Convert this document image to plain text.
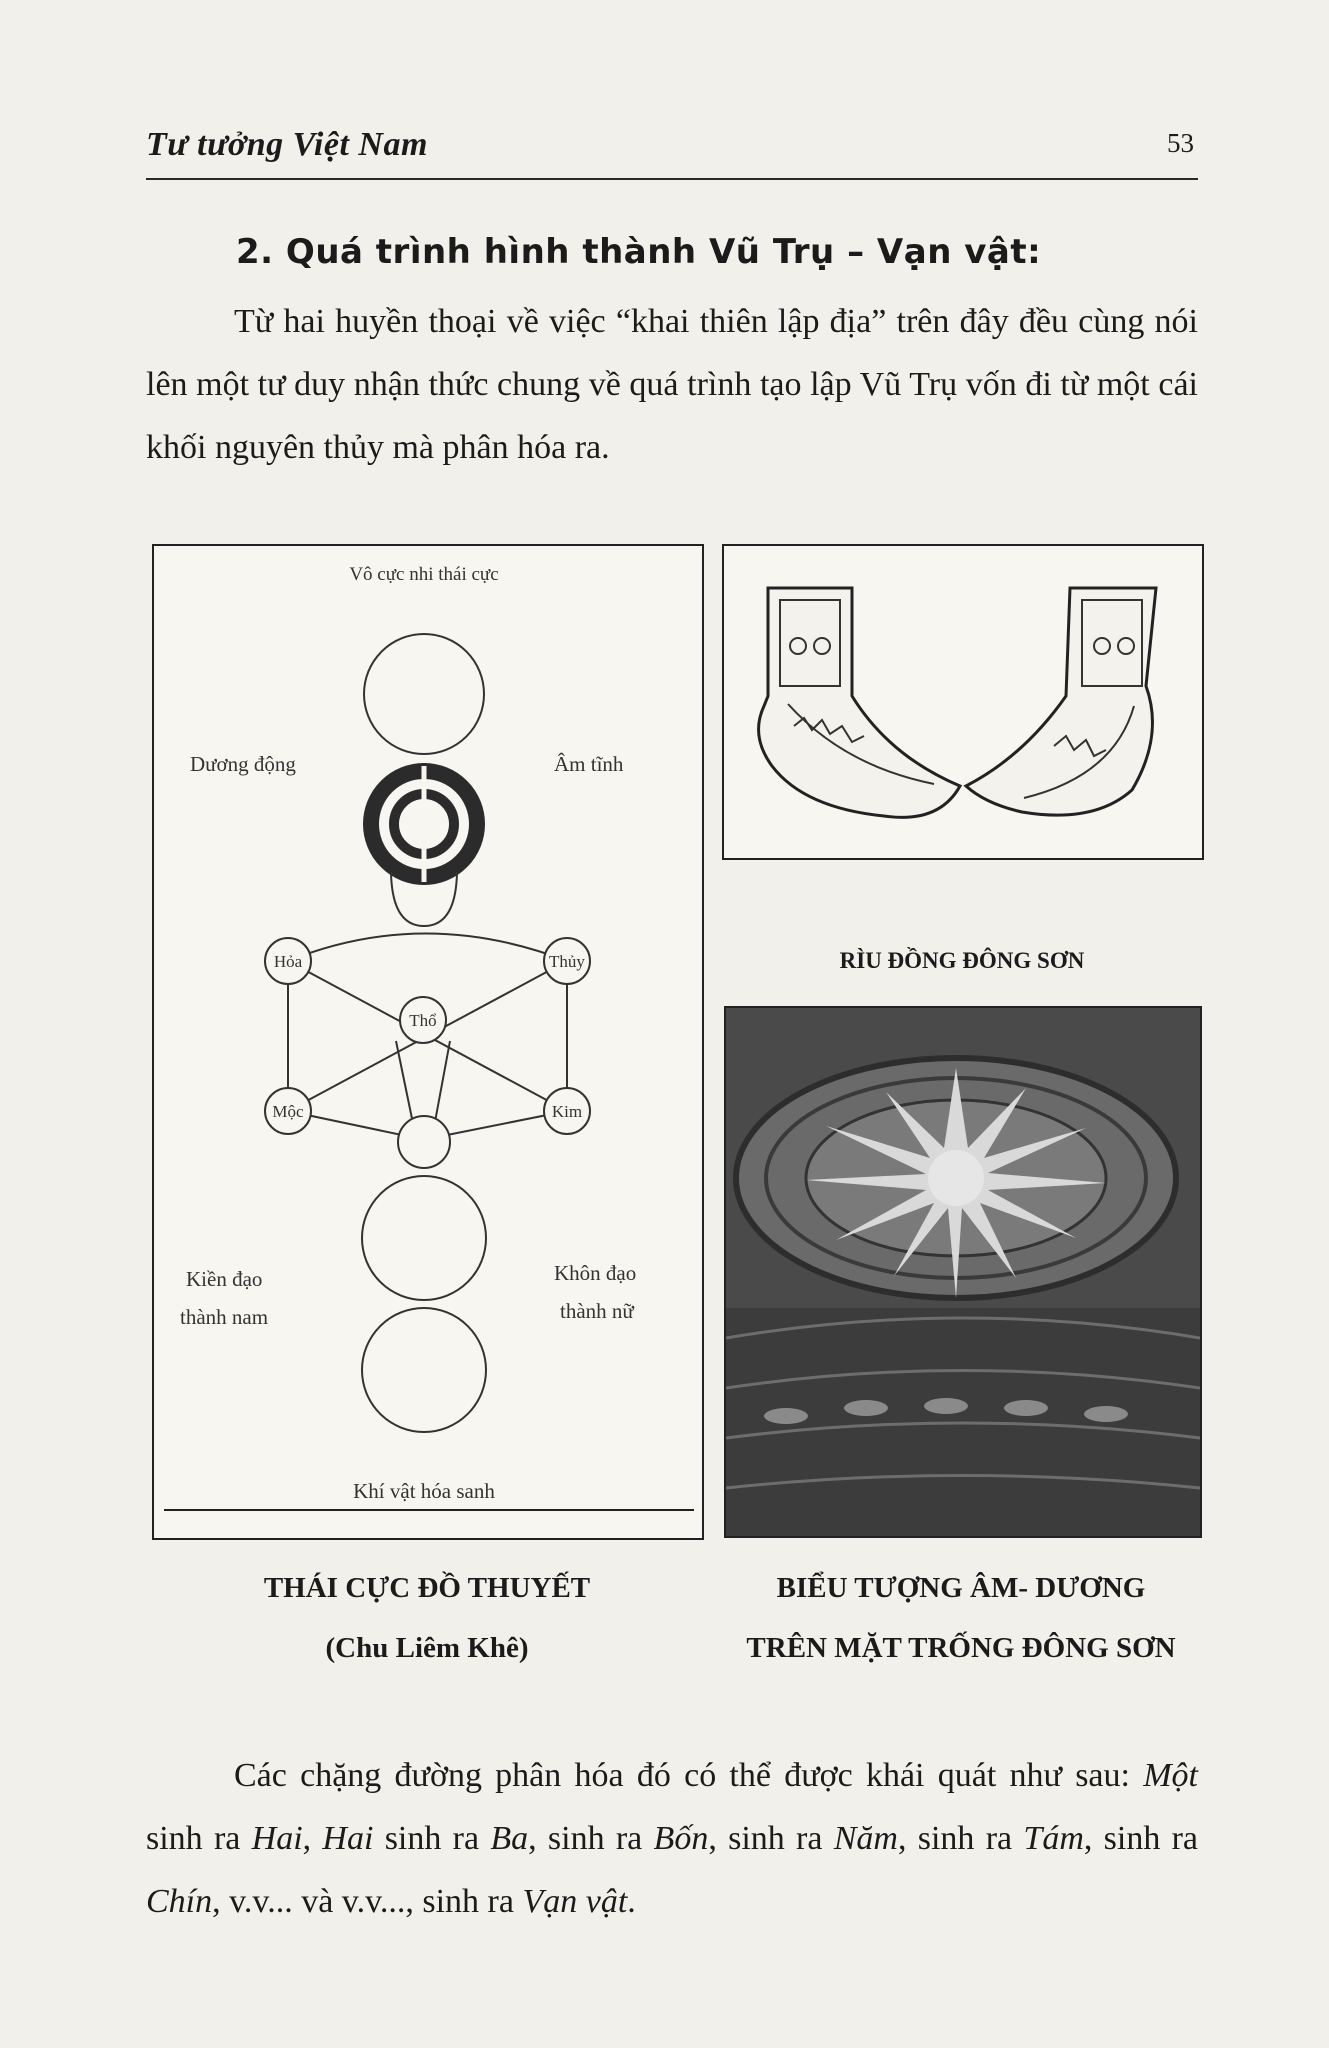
Tư tưởng Việt Nam	53
2. Quá trình hình thành Vũ Trụ – Vạn vật:

Từ hai huyền thoại về việc “khai thiên lập địa” trên đây đều cùng nói lên một tư duy nhận thức chung về quá trình tạo lập Vũ Trụ vốn đi từ một cái khối nguyên thủy mà phân hóa ra.

Vô cực nhi thái cực
Dương động	Âm tĩnh
Hỏa	Thủy
Thổ
Mộc	Kim
Kiền đạo
thành nam
Khôn đạo
thành nữ
Khí vật hóa sanh
RÌU ĐỒNG ĐÔNG SƠN
THÁI CỰC ĐỒ THUYẾT
(Chu Liêm Khê)
BIỂU TƯỢNG ÂM- DƯƠNG
TRÊN MẶT TRỐNG ĐÔNG SƠN

Các chặng đường phân hóa đó có thể được khái quát như sau: Một sinh ra Hai, Hai sinh ra Ba, sinh ra Bốn, sinh ra Năm, sinh ra Tám, sinh ra Chín, v.v... và v.v..., sinh ra Vạn vật.
